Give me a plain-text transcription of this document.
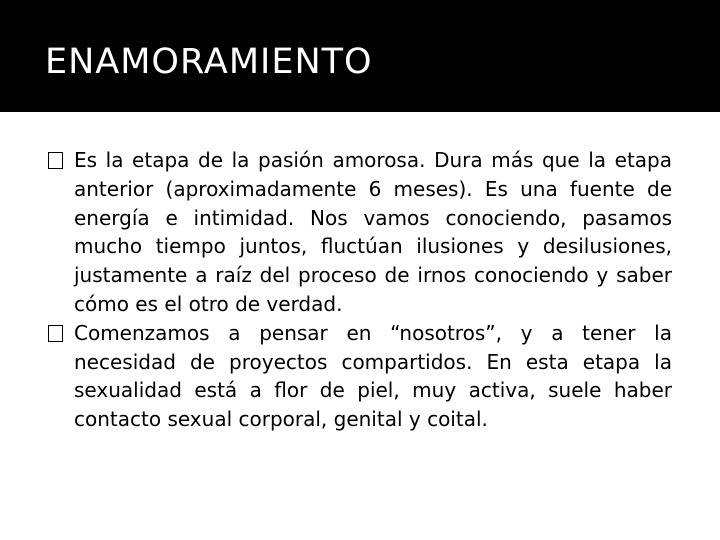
ENAMORAMIENTO
Es la etapa de la pasión amorosa. Dura más que la etapa anterior (aproximadamente 6 meses). Es una fuente de energía e intimidad. Nos vamos conociendo, pasamos mucho tiempo juntos, fluctúan ilusiones y desilusiones, justamente a raíz del proceso de irnos conociendo y saber cómo es el otro de verdad.
Comenzamos a pensar en “nosotros”, y a tener la necesidad de proyectos compartidos. En esta etapa la sexualidad está a flor de piel, muy activa, suele haber contacto sexual corporal, genital y coital.
